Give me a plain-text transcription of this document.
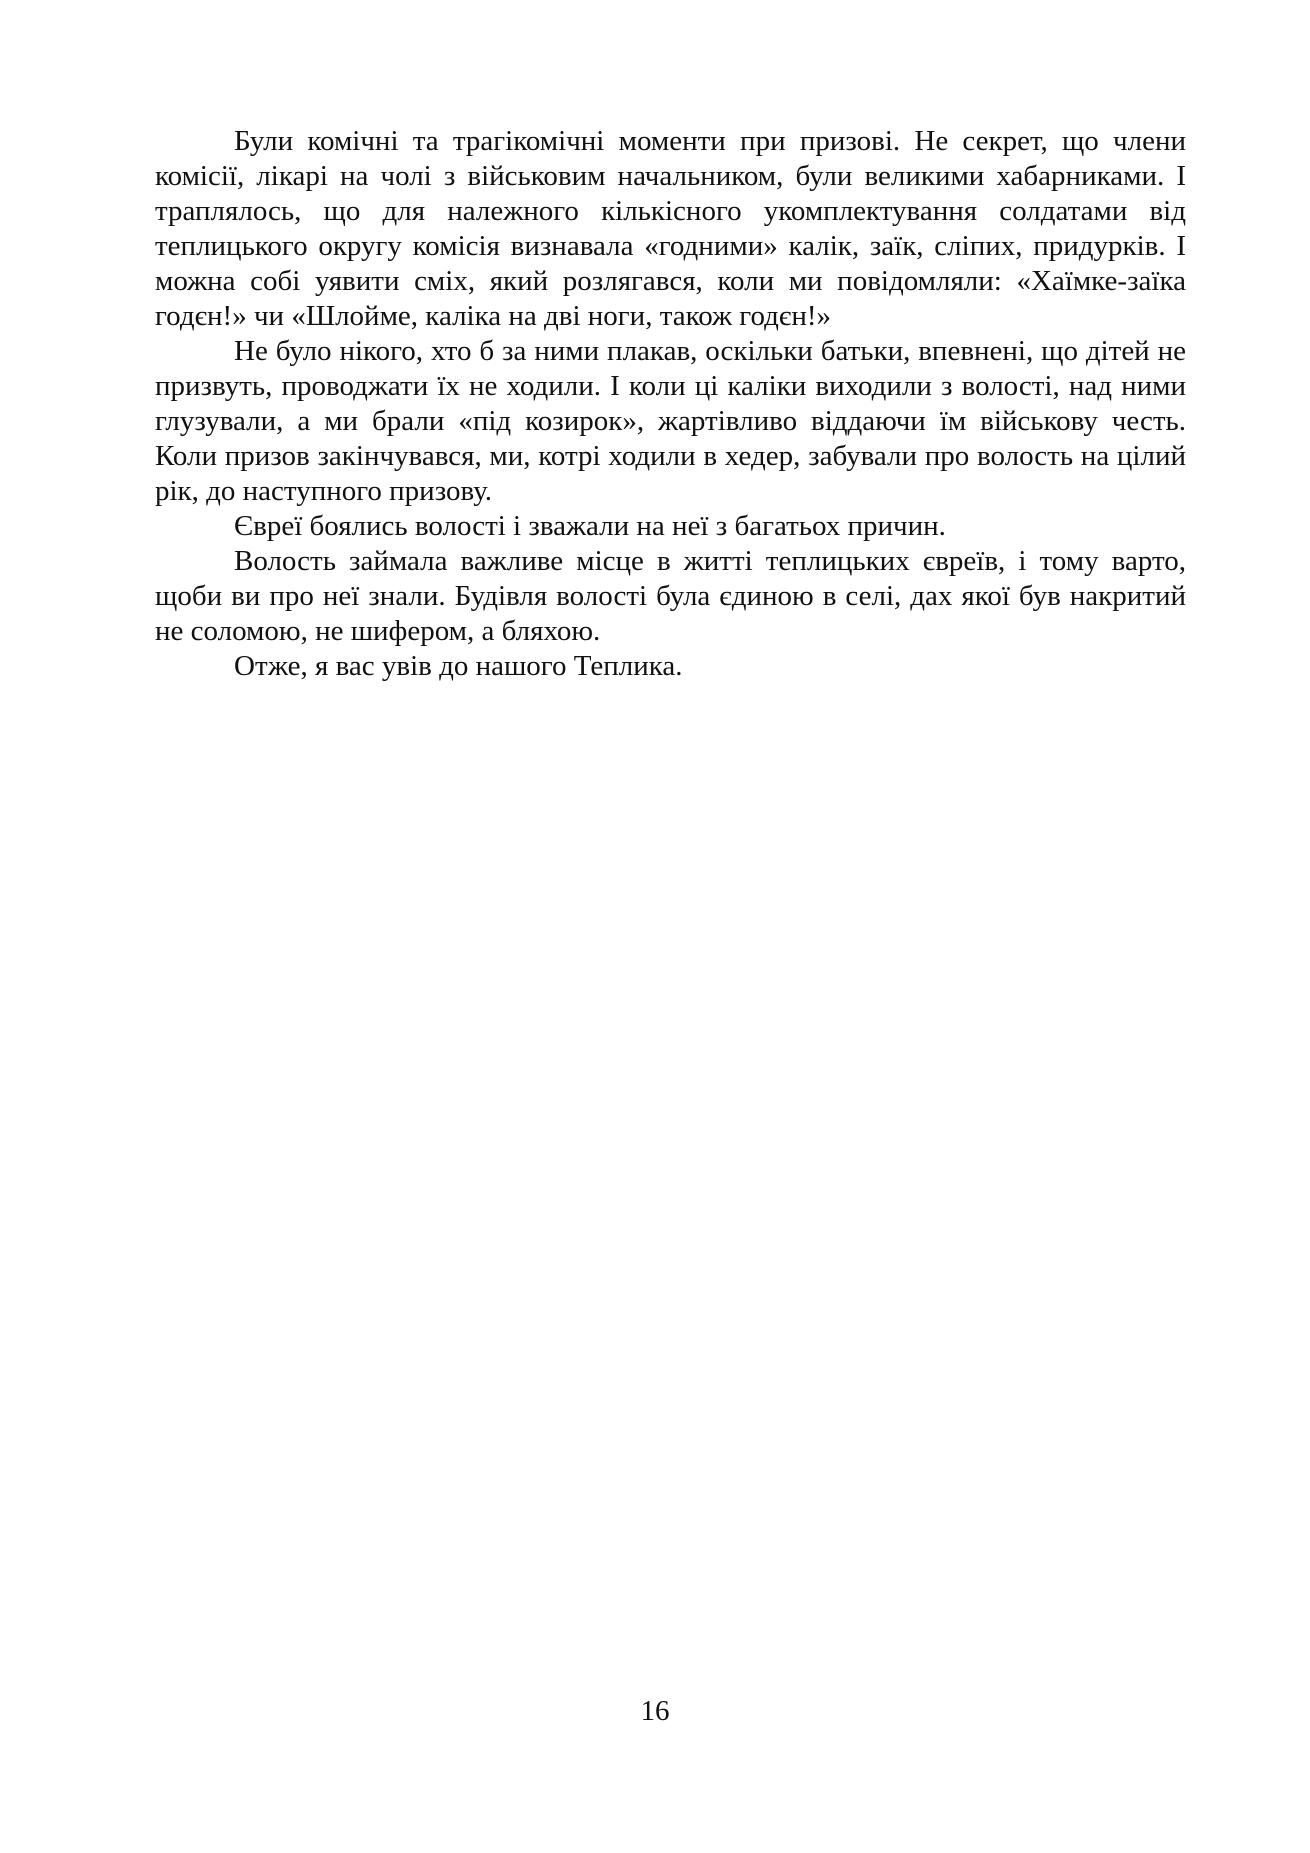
Були комічні та трагікомічні моменти при призові. Не секрет, що члени комісії, лікарі на чолі з військовим начальником, були великими хабарниками. І траплялось, що для належного кількісного укомплектування солдатами від теплицького округу комісія визнавала «годними» калік, заїк, сліпих, придурків. І можна собі уявити сміх, який розлягався, коли ми повідомляли: «Хаїмке-заїка годєн!» чи «Шлойме, каліка на дві ноги, також годєн!»

Не було нікого, хто б за ними плакав, оскільки батьки, впевнені, що дітей не призвуть, проводжати їх не ходили. І коли ці каліки виходили з волості, над ними глузували, а ми брали «під козирок», жартівливо віддаючи їм військову честь. Коли призов закінчувався, ми, котрі ходили в хедер, забували про волость на цілий рік, до наступного призову.

Євреї боялись волості і зважали на неї з багатьох причин.

Волость займала важливе місце в житті теплицьких євреїв, і тому варто, щоби ви про неї знали. Будівля волості була єдиною в селі, дах якої був накритий не соломою, не шифером, а бляхою.

Отже, я вас увів до нашого Теплика.

16
